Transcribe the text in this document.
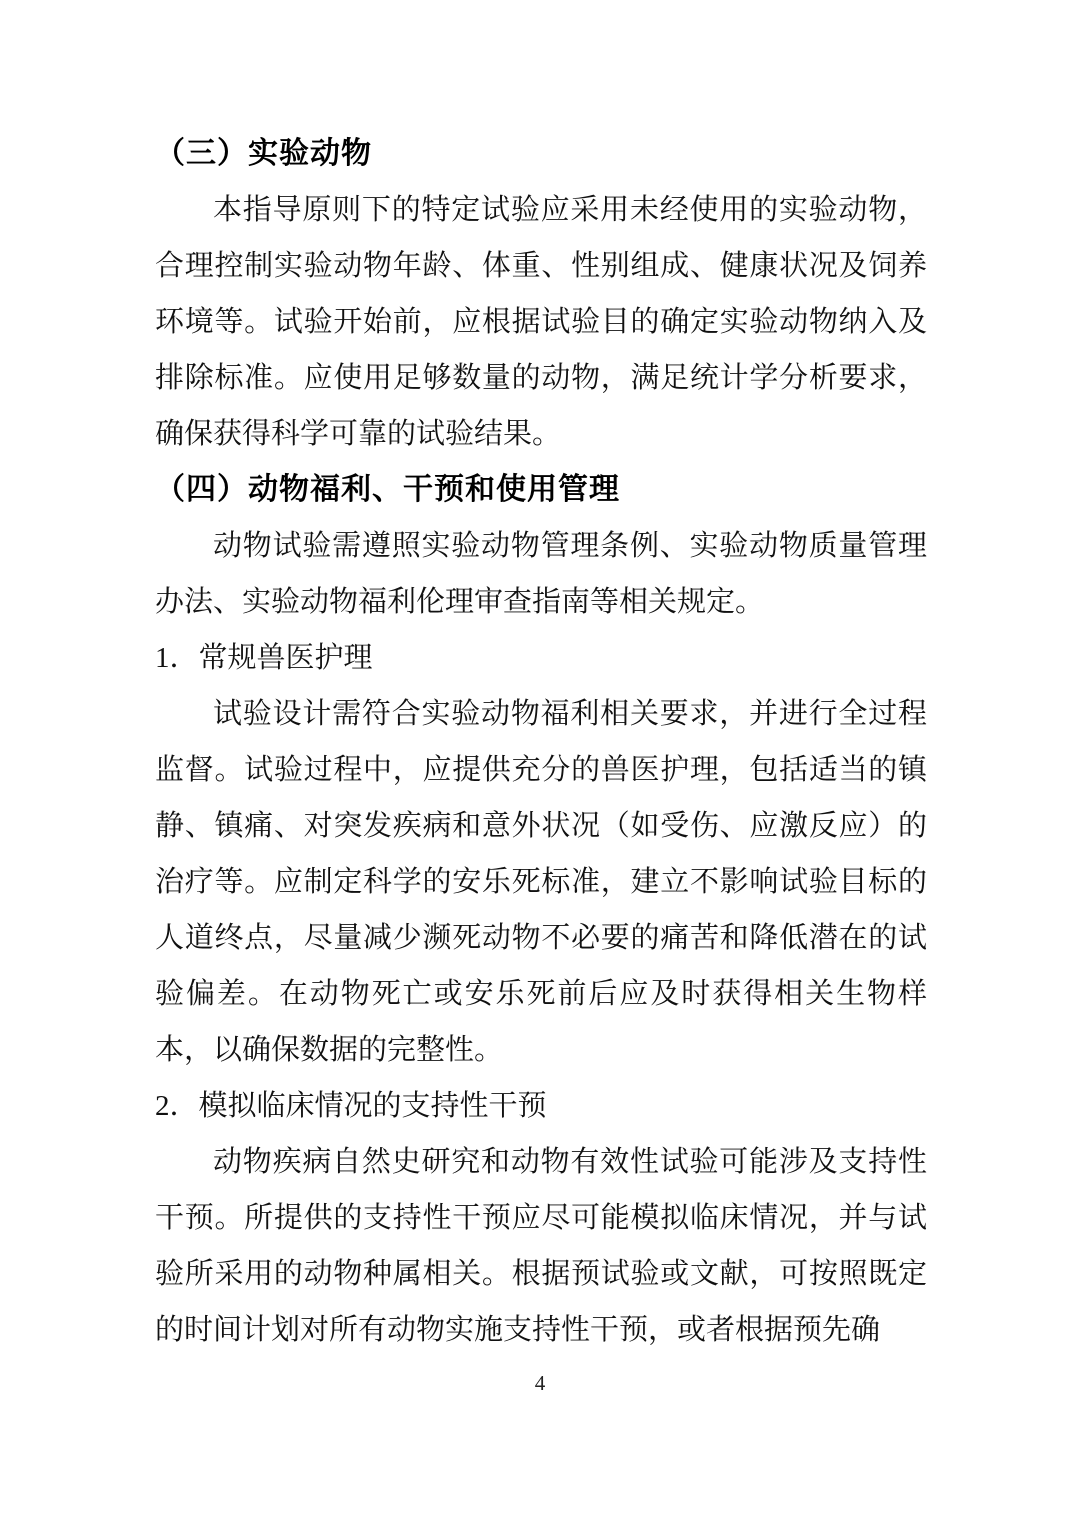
（三）实验动物
本指导原则下的特定试验应采用未经使用的实验动物，合理控制实验动物年龄、体重、性别组成、健康状况及饲养环境等。试验开始前，应根据试验目的确定实验动物纳入及排除标准。应使用足够数量的动物，满足统计学分析要求，确保获得科学可靠的试验结果。
（四）动物福利、干预和使用管理
动物试验需遵照实验动物管理条例、实验动物质量管理办法、实验动物福利伦理审查指南等相关规定。
1．常规兽医护理
试验设计需符合实验动物福利相关要求，并进行全过程监督。试验过程中，应提供充分的兽医护理，包括适当的镇静、镇痛、对突发疾病和意外状况（如受伤、应激反应）的治疗等。应制定科学的安乐死标准，建立不影响试验目标的人道终点，尽量减少濒死动物不必要的痛苦和降低潜在的试验偏差。在动物死亡或安乐死前后应及时获得相关生物样本，以确保数据的完整性。
2．模拟临床情况的支持性干预
动物疾病自然史研究和动物有效性试验可能涉及支持性干预。所提供的支持性干预应尽可能模拟临床情况，并与试验所采用的动物种属相关。根据预试验或文献，可按照既定的时间计划对所有动物实施支持性干预，或者根据预先确
4
